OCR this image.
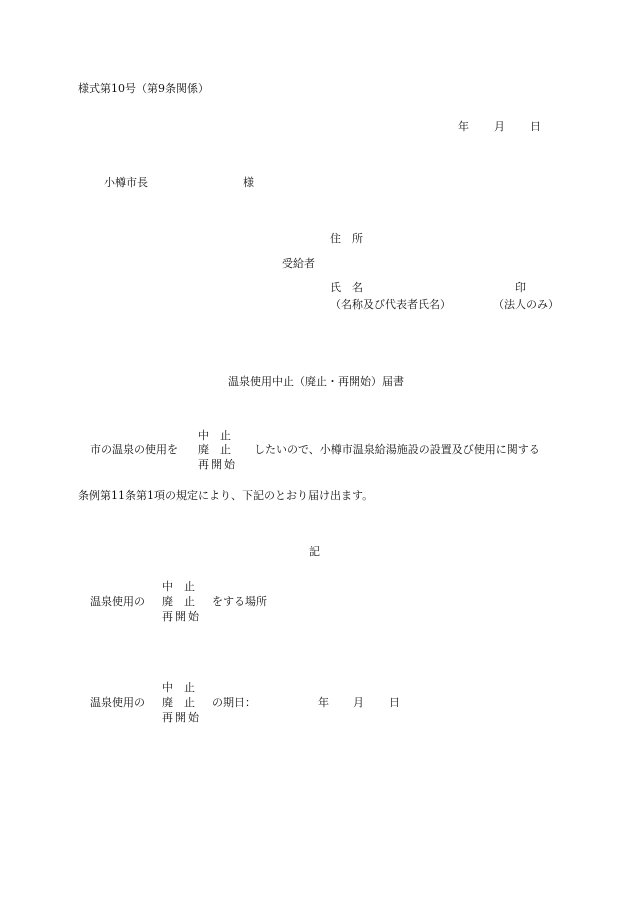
様式第10号（第9条関係）
年 月 日
小樽市長	様
住　所
受給者
氏　名	印
（名称及び代表者氏名）	（法人のみ）
温泉使用中止（廃止・再開始）届書
中　止
市の温泉の使用を 廃　止 したいので、小樽市温泉給湯施設の設置及び使用に関する
再開始
条例第11条第1項の規定により、下記のとおり届け出ます。
記
中　止
温泉使用の 廃　止 をする場所
再開始
中　止
温泉使用の 廃　止 の期日：	年 月 日
再開始
